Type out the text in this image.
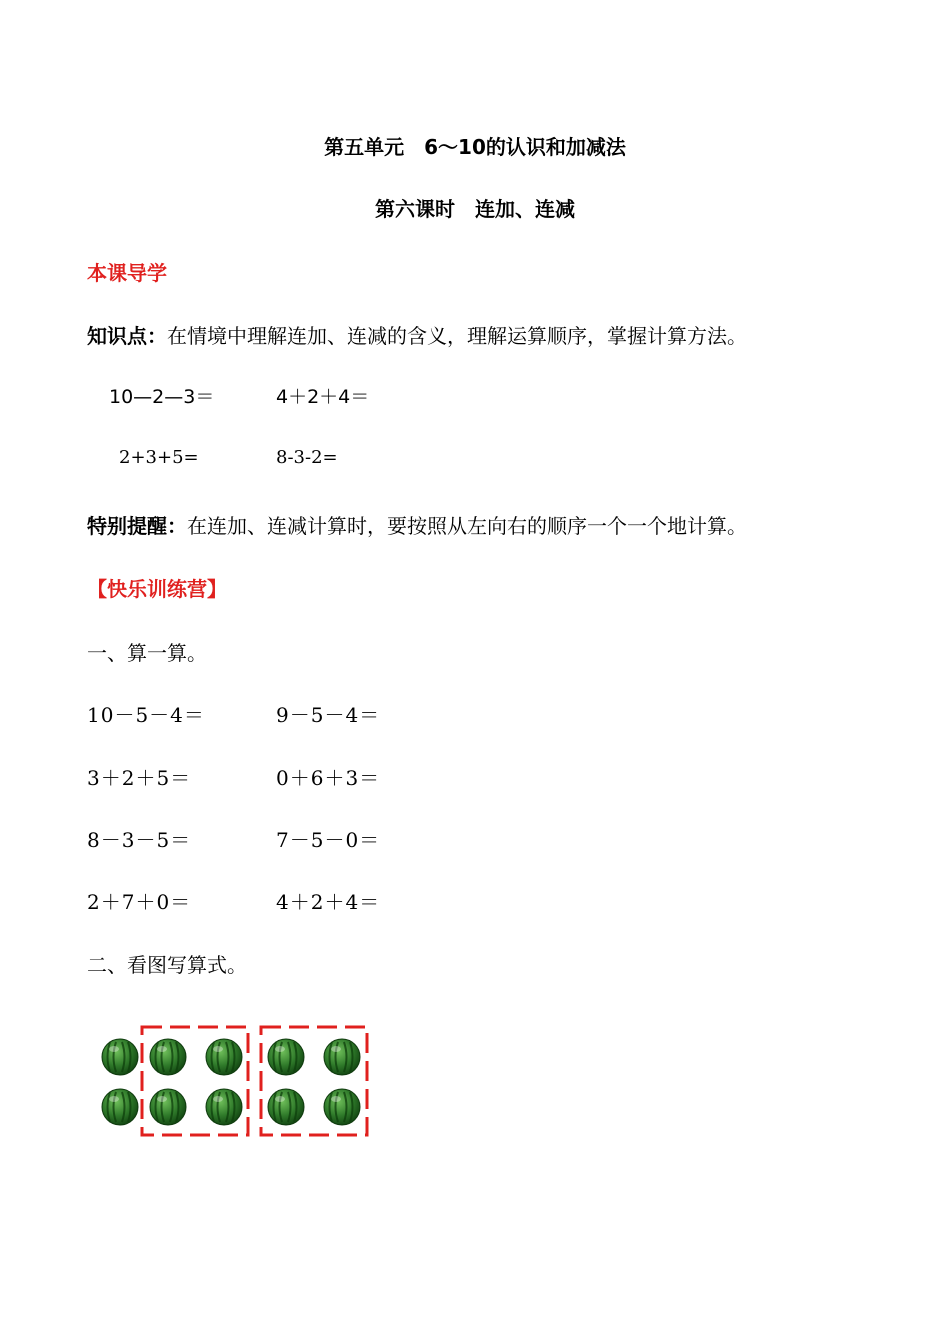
第五单元　6～10的认识和加减法
第六课时　连加、连减
本课导学
知识点：在情境中理解连加、连减的含义，理解运算顺序，掌握计算方法。
10—2—3＝	4＋2＋4＝
2+3+5=	8-3-2=
特别提醒：在连加、连减计算时，要按照从左向右的顺序一个一个地计算。
【快乐训练营】
一、算一算。
10－5－4＝	9－5－4＝
3＋2＋5＝	0＋6＋3＝
8－3－5＝	7－5－0＝
2＋7＋0＝	4＋2＋4＝
二、看图写算式。
